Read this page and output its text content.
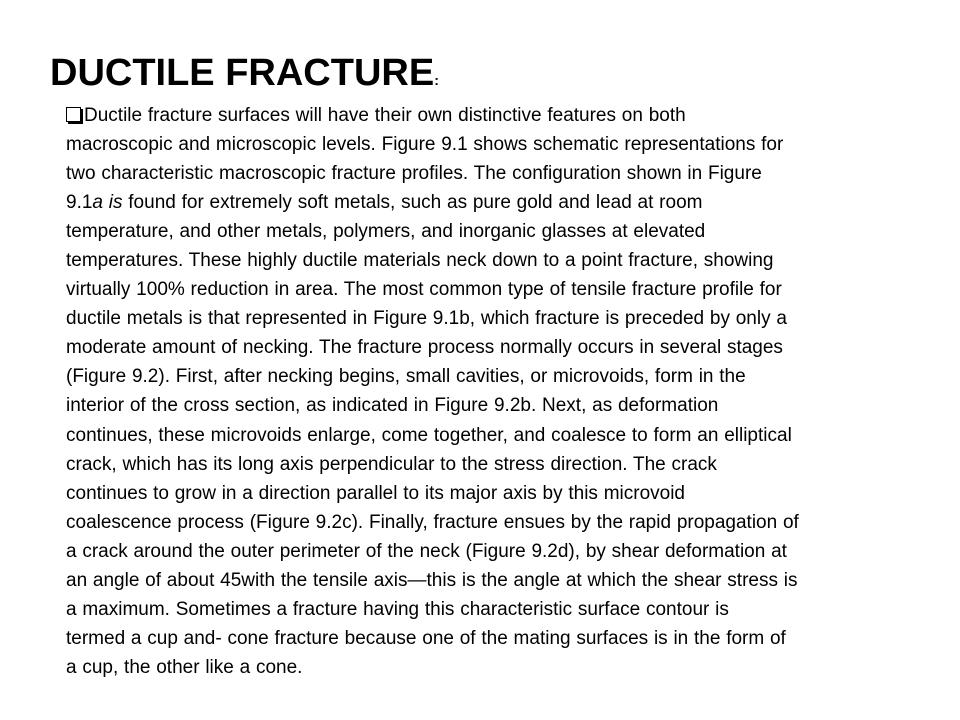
DUCTILE FRACTURE:
Ductile fracture surfaces will have their own distinctive features on both
macroscopic and microscopic levels. Figure 9.1 shows schematic representations for
two characteristic macroscopic fracture profiles. The configuration shown in Figure
9.1a is found for extremely soft metals, such as pure gold and lead at room
temperature, and other metals, polymers, and inorganic glasses at elevated
temperatures. These highly ductile materials neck down to a point fracture, showing
virtually 100% reduction in area. The most common type of tensile fracture profile for
ductile metals is that represented in Figure 9.1b, which fracture is preceded by only a
moderate amount of necking. The fracture process normally occurs in several stages
(Figure 9.2). First, after necking begins, small cavities, or microvoids, form in the
interior of the cross section, as indicated in Figure 9.2b. Next, as deformation
continues, these microvoids enlarge, come together, and coalesce to form an elliptical
crack, which has its long axis perpendicular to the stress direction. The crack
continues to grow in a direction parallel to its major axis by this microvoid
coalescence process (Figure 9.2c). Finally, fracture ensues by the rapid propagation of
a crack around the outer perimeter of the neck (Figure 9.2d), by shear deformation at
an angle of about 45with the tensile axis—this is the angle at which the shear stress is
a maximum. Sometimes a fracture having this characteristic surface contour is
termed a cup and- cone fracture because one of the mating surfaces is in the form of
a cup, the other like a cone.
